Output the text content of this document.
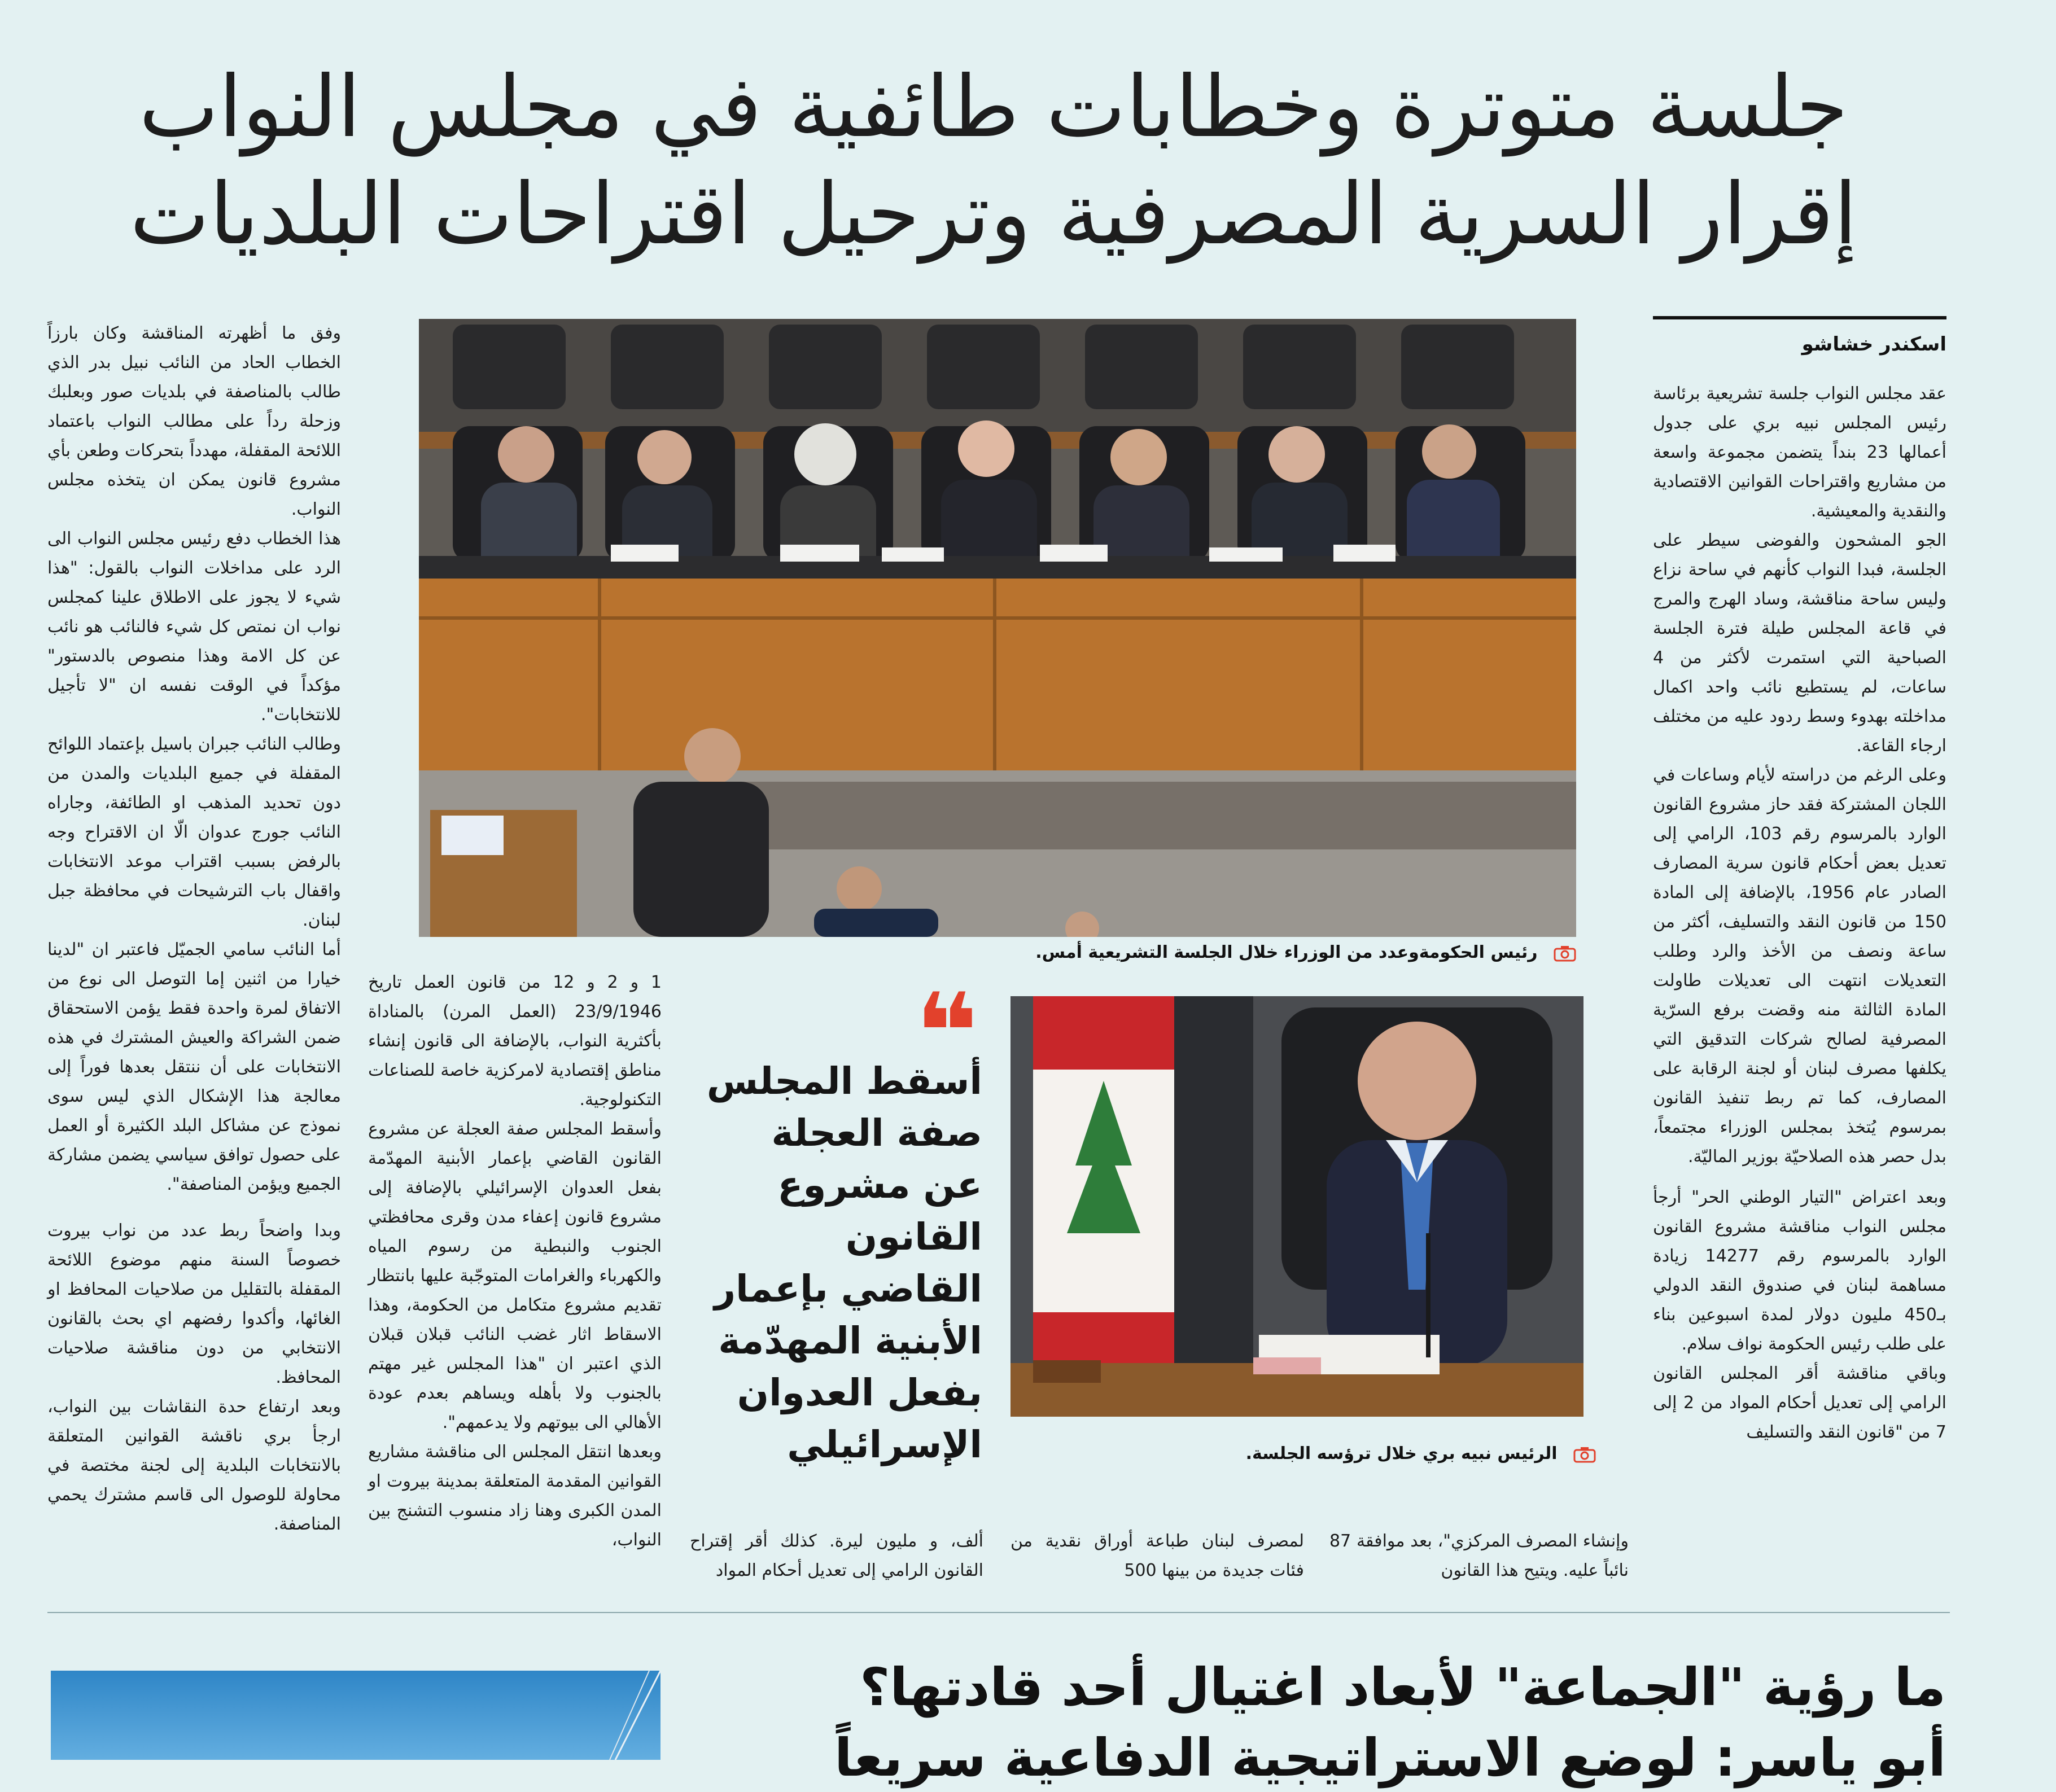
جلسة متوترة وخطابات طائفية في مجلس النواب
إقرار السرية المصرفية وترحيل اقتراحات البلديات
اسكندر خشاشو

عقد مجلس النواب جلسة تشريعية برئاسة رئيس المجلس نبيه بري على جدول أعمالها 23 بنداً يتضمن مجموعة واسعة من مشاريع واقتراحات القوانين الاقتصادية والنقدية والمعيشية.

الجو المشحون والفوضى سيطر على الجلسة، فبدا النواب كأنهم في ساحة نزاع وليس ساحة مناقشة، وساد الهرج والمرج في قاعة المجلس طيلة فترة الجلسة الصباحية التي استمرت لأكثر من 4 ساعات، لم يستطيع نائب واحد اكمال مداخلته بهدوء وسط ردود عليه من مختلف ارجاء القاعة.

وعلى الرغم من دراسته لأيام وساعات في اللجان المشتركة فقد حاز مشروع القانون الوارد بالمرسوم رقم 103، الرامي إلى تعديل بعض أحكام قانون سرية المصارف الصادر عام 1956، بالإضافة إلى المادة 150 من قانون النقد والتسليف، أكثر من ساعة ونصف من الأخذ والرد وطلب التعديلات انتهت الى تعديلات طاولت المادة الثالثة منه وقضت برفع السرّية المصرفية لصالح شركات التدقيق التي يكلفها مصرف لبنان أو لجنة الرقابة على المصارف، كما تم ربط تنفيذ القانون بمرسوم يُتخذ بمجلس الوزراء مجتمعاً، بدل حصر هذه الصلاحيّة بوزير الماليّة.

وبعد اعتراض "التيار الوطني الحر" أرجأ مجلس النواب مناقشة مشروع القانون الوارد بالمرسوم رقم 14277 زيادة مساهمة لبنان في صندوق النقد الدولي بـ450 مليون دولار لمدة اسبوعين بناء على طلب رئيس الحكومة نواف سلام.

وباقي مناقشة أقر المجلس القانون الرامي إلى تعديل أحكام المواد من 2 إلى 7 من "قانون النقد والتسليف

رئيس الحكومةوعدد من الوزراء خلال الجلسة التشريعية أمس.
❝
أسقط المجلس صفة العجلة عن مشروع القانون القاضي بإعمار الأبنية المهدّمة بفعل العدوان الإسرائيلي	الرئيس نبيه بري خلال ترؤسه الجلسة.
وإنشاء المصرف المركزي"، بعد موافقة 87 نائباً عليه. ويتيح هذا القانون
لمصرف لبنان طباعة أوراق نقدية من فئات جديدة من بينها 500
ألف، و مليون ليرة. كذلك أقر إقتراح القانون الرامي إلى تعديل أحكام المواد

1 و 2 و 12 من قانون العمل تاريخ 23/9/1946 (العمل المرن) بالمناداة بأكثرية النواب، بالإضافة الى قانون إنشاء مناطق إقتصادية لامركزية خاصة للصناعات التكنولوجية.

وأسقط المجلس صفة العجلة عن مشروع القانون القاضي بإعمار الأبنية المهدّمة بفعل العدوان الإسرائيلي بالإضافة إلى مشروع قانون إعفاء مدن وقرى محافظتي الجنوب والنبطية من رسوم المياه والكهرباء والغرامات المتوجّبة عليها بانتظار تقديم مشروع متكامل من الحكومة، وهذا الاسقاط اثار غضب النائب قبلان قبلان الذي اعتبر ان "هذا المجلس غير مهتم بالجنوب ولا بأهله ويساهم بعدم عودة الأهالي الى بيوتهم ولا يدعمهم".

وبعدها انتقل المجلس الى مناقشة مشاريع القوانين المقدمة المتعلقة بمدينة بيروت او المدن الكبرى وهنا زاد منسوب التشنج بين النواب،

وفق ما أظهرته المناقشة وكان بارزاً الخطاب الحاد من النائب نبيل بدر الذي طالب بالمناصفة في بلديات صور وبعلبك وزحلة رداً على مطالب النواب باعتماد اللائحة المقفلة، مهدداً بتحركات وطعن بأي مشروع قانون يمكن ان يتخذه مجلس النواب.

هذا الخطاب دفع رئيس مجلس النواب الى الرد على مداخلات النواب بالقول: "هذا شيء لا يجوز على الاطلاق علينا كمجلس نواب ان نمتص كل شيء فالنائب هو نائب عن كل الامة وهذا منصوص بالدستور" مؤكداً في الوقت نفسه ان "لا تأجيل للانتخابات".

وطالب النائب جبران باسيل بإعتماد اللوائح المقفلة في جميع البلديات والمدن من دون تحديد المذهب او الطائفة، وجاراه النائب جورج عدوان الّا ان الاقتراح وجه بالرفض بسبب اقتراب موعد الانتخابات واقفال باب الترشيحات في محافظة جبل لبنان.

أما النائب سامي الجميّل فاعتبر ان "لدينا خيارا من اثنين إما التوصل الى نوع من الاتفاق لمرة واحدة فقط يؤمن الاستحقاق ضمن الشراكة والعيش المشترك في هذه الانتخابات على أن ننتقل بعدها فوراً إلى معالجة هذا الإشكال الذي ليس سوى نموذج عن مشاكل البلد الكثيرة أو العمل على حصول توافق سياسي يضمن مشاركة الجميع ويؤمن المناصفة".

وبدا واضحاً ربط عدد من نواب بيروت خصوصاً السنة منهم موضوع اللائحة المقفلة بالتقليل من صلاحيات المحافظ او الغائها، وأكدوا رفضهم اي بحث بالقانون الانتخابي من دون مناقشة صلاحيات المحافظ.

وبعد ارتفاع حدة النقاشات بين النواب، ارجأ بري ناقشة القوانين المتعلقة بالانتخابات البلدية إلى لجنة مختصة في محاولة للوصول الى قاسم مشترك يحمي المناصفة.

ما رؤية "الجماعة" لأبعاد اغتيال أحد قادتها؟
أبو ياسر: لوضع الاستراتيجية الدفاعية سريعاً
